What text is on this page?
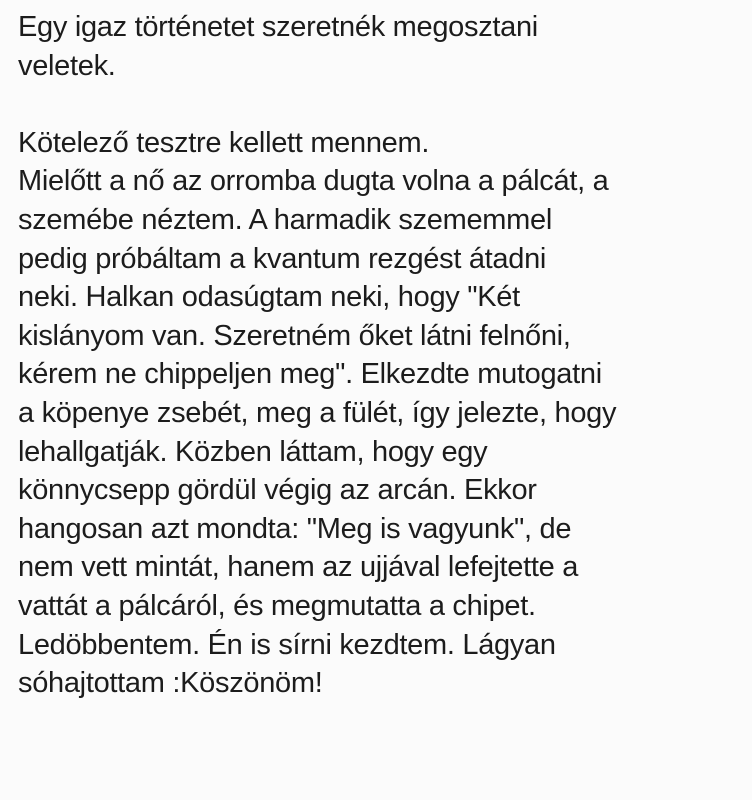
Egy igaz történetet szeretnék megosztani
veletek.

Kötelező tesztre kellett mennem.
Mielőtt a nő az orromba dugta volna a pálcát, a
szemébe néztem. A harmadik szememmel
pedig próbáltam a kvantum rezgést átadni
neki. Halkan odasúgtam neki, hogy "Két
kislányom van. Szeretném őket látni felnőni,
kérem ne chippeljen meg". Elkezdte mutogatni
a köpenye zsebét, meg a fülét, így jelezte, hogy
lehallgatják. Közben láttam, hogy egy
könnycsepp gördül végig az arcán. Ekkor
hangosan azt mondta: "Meg is vagyunk", de
nem vett mintát, hanem az ujjával lefejtette a
vattát a pálcáról, és megmutatta a chipet.
Ledöbbentem. Én is sírni kezdtem. Lágyan
sóhajtottam :Köszönöm!
